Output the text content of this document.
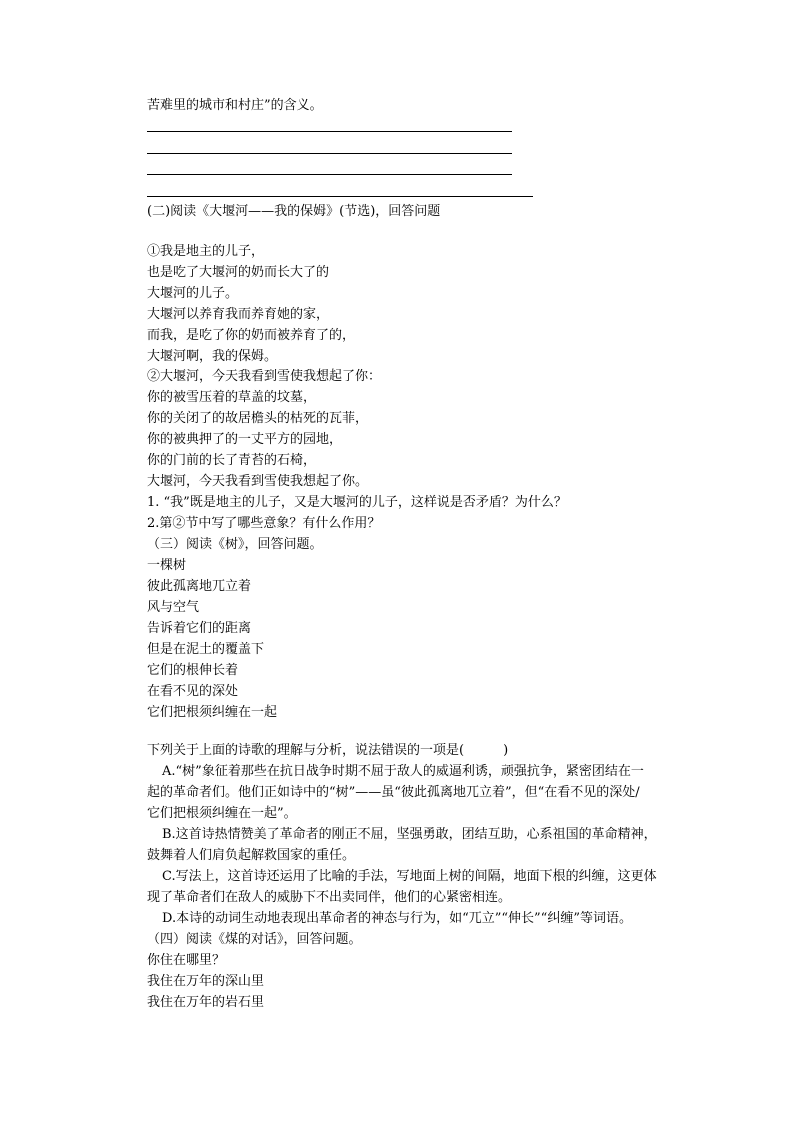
苦难里的城市和村庄”的含义。
(二)阅读《大堰河——我的保姆》(节选)，回答问题
①我是地主的儿子，
也是吃了大堰河的奶而长大了的
大堰河的儿子。
大堰河以养育我而养育她的家，
而我，是吃了你的奶而被养育了的，
大堰河啊，我的保姆。
②大堰河，今天我看到雪使我想起了你：
你的被雪压着的草盖的坟墓，
你的关闭了的故居檐头的枯死的瓦菲，
你的被典押了的一丈平方的园地，
你的门前的长了青苔的石椅，
大堰河，今天我看到雪使我想起了你。
1. “我”既是地主的儿子，又是大堰河的儿子，这样说是否矛盾？为什么？
2.第②节中写了哪些意象？有什么作用？
（三）阅读《树》，回答问题。
一棵树
彼此孤离地兀立着
风与空气
告诉着它们的距离
但是在泥土的覆盖下
它们的根伸长着
在看不见的深处
它们把根须纠缠在一起
下列关于上面的诗歌的理解与分析，说法错误的一项是(　　　)
A.“树”象征着那些在抗日战争时期不屈于敌人的威逼利诱，顽强抗争，紧密团结在一
起的革命者们。他们正如诗中的“树”——虽“彼此孤离地兀立着”，但“在看不见的深处/
它们把根须纠缠在一起”。
B.这首诗热情赞美了革命者的刚正不屈，坚强勇敢，团结互助，心系祖国的革命精神，
鼓舞着人们肩负起解救国家的重任。
C.写法上，这首诗还运用了比喻的手法，写地面上树的间隔，地面下根的纠缠，这更体
现了革命者们在敌人的威胁下不出卖同伴，他们的心紧密相连。
D.本诗的动词生动地表现出革命者的神态与行为，如“兀立”“伸长”“纠缠”等词语。
（四）阅读《煤的对话》，回答问题。
你住在哪里？
我住在万年的深山里
我住在万年的岩石里
